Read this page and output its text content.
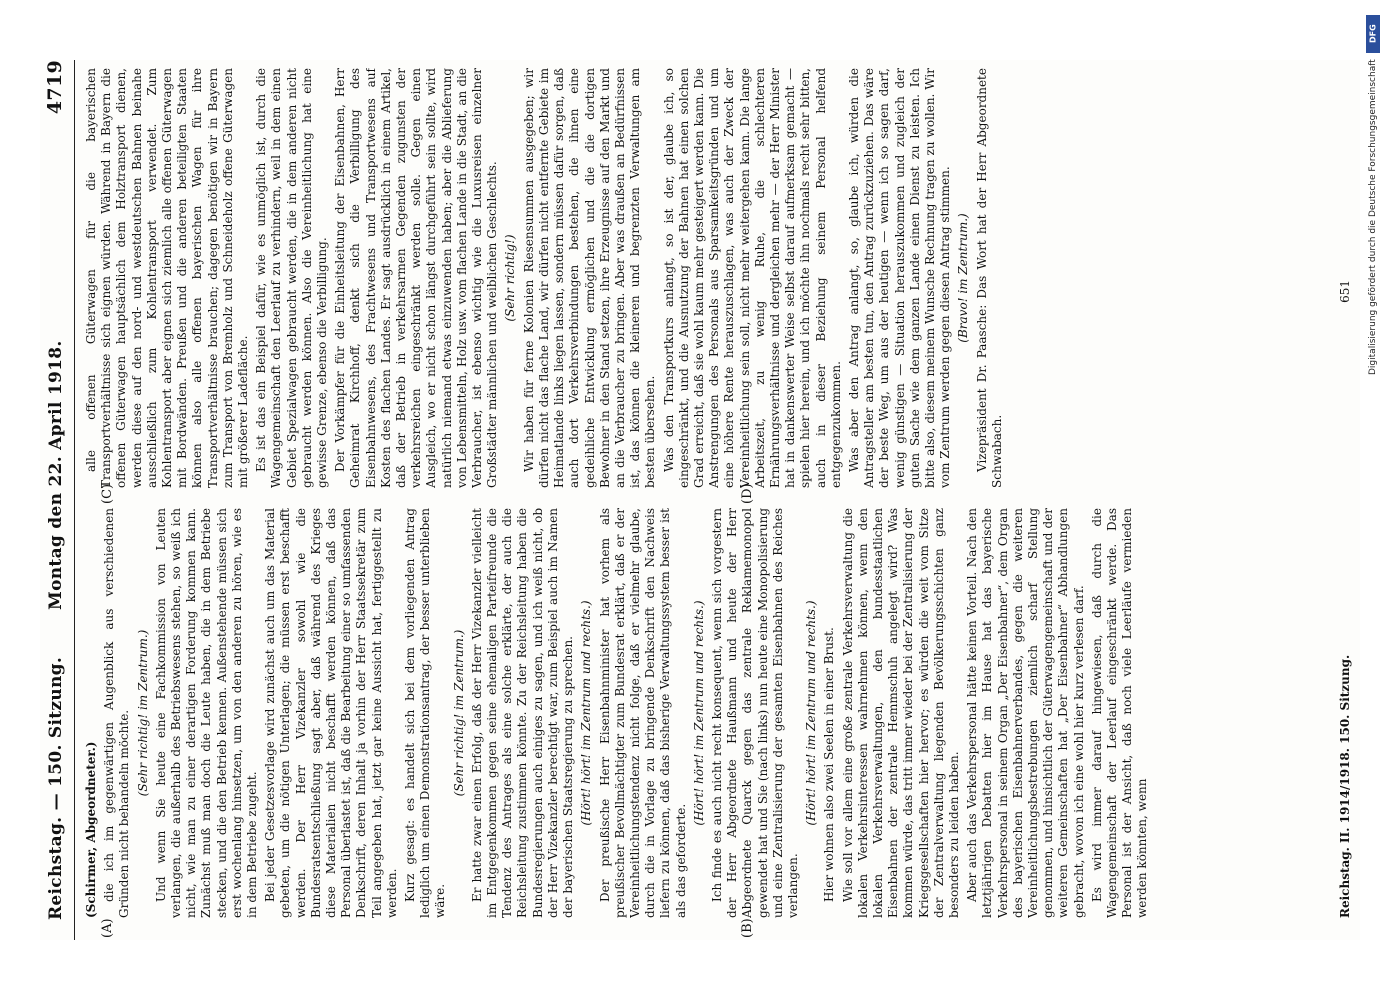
Reichstag. — 150. Sitzung.
Montag den 22. April 1918.
4719

(Schirmer, Abgeordneter.) die ich im gegenwärtigen Augenblick aus verschiedenen Gründen nicht behandeln möchte. (Sehr richtig! im Zentrum.) Und wenn Sie heute eine Fachkommission von Leuten verlangen, die außerhalb des Betriebswesens stehen, so weiß ich nicht, wie man zu einer derartigen Forderung kommen kann. Zunächst muß man doch die Leute haben, die in dem Betriebe stecken, und die den Betrieb kennen. Außenstehende müssen sich erst wochenlang hinsetzen, um von den anderen zu hören, wie es in dem Betriebe zugeht. Bei jeder Gesetzesvorlage wird zunächst auch um das Material gebeten, um die nötigen Unterlagen; die müssen erst beschafft werden. Der Herr Vizekanzler sowohl wie die Bundesratsentschließung sagt aber, daß während des Krieges diese Materialien nicht beschafft werden können, daß das Personal überlastet ist, daß die Bearbeitung einer so umfassenden Denkschrift, deren Inhalt ja vorhin der Herr Staatssekretär zum Teil angegeben hat, jetzt gar keine Aussicht hat, fertiggestellt zu werden. Kurz gesagt: es handelt sich bei dem vorliegenden Antrag lediglich um einen Demonstrationsantrag, der besser unterblieben wäre.

(Sehr richtig! im Zentrum.) Er hatte zwar einen Erfolg, daß der Herr Vizekanzler vielleicht im Entgegenkommen gegen seine ehemaligen Parteifreunde die Tendenz des Antrages als eine solche erklärte, der auch die Reichsleitung zustimmen könnte. Zu der Reichsleitung haben die Bundesregierungen auch einiges zu sagen, und ich weiß nicht, ob der Herr Vizekanzler berechtigt war, zum Beispiel auch im Namen der bayerischen Staatsregierung zu sprechen. (Hört! hört! im Zentrum und rechts.) Der preußische Herr Eisenbahnminister hat vorhem als preußischer Bevollmächtigter zum Bundesrat erklärt, daß er der Vereinheitlichungstendenz nicht folge, daß er vielmehr glaube, durch die in Vorlage zu bringende Denkschrift den Nachweis liefern zu können, daß das bisherige Verwaltungssystem besser ist als das geforderte.

(Hört! hört! im Zentrum und rechts.) Ich finde es auch nicht recht konsequent, wenn sich vorgestern der Herr Abgeordnete Haußmann und heute der Herr Abgeordnete Quarck gegen das zentrale Reklamemonopol gewendet hat und Sie (nach links) nun heute eine Monopolisierung und eine Zentralisierung der gesamten Eisenbahnen des Reiches verlangen.

(Hört! hört! im Zentrum und rechts.) Hier wohnen also zwei Seelen in einer Brust. Wie soll vor allem eine große zentrale Verkehrsverwaltung die lokalen Verkehrsinteressen wahrnehmen können, wenn den lokalen Verkehrsverwaltungen, den bundesstaatlichen Eisenbahnen der zentrale Hemmschuh angelegt wird? Was kommen würde, das tritt immer wieder bei der Zentralisierung der Kriegsgesellschaften hier hervor; es würden die weit vom Sitze der Zentralverwaltung liegenden Bevölkerungsschichten ganz besonders zu leiden haben. Aber auch das Verkehrspersonal hätte keinen Vorteil. Nach den letztjährigen Debatten hier im Hause hat das bayerische Verkehrspersonal in seinem Organ „Der Eisenbahner“, dem Organ des bayerischen Eisenbahnerverbandes, gegen die weiteren Vereinheitlichungsbestrebungen ziemlich scharf Stellung genommen, und hinsichtlich der Güterwagengemeinschaft und der weiteren Gemeinschaften hat „Der Eisenbahner“ Abhandlungen gebracht, wovon ich eine wohl hier kurz verlesen darf. Es wird immer darauf hingewiesen, daß durch die Wagengemeinschaft der Leerlauf eingeschränkt werde. Das Personal ist der Ansicht, daß noch viele Leerläufe vermieden werden könnten, wenn

alle offenen Güterwagen für die bayerischen Transportverhältnisse sich eignen würden. Während in Bayern die offenen Güterwagen hauptsächlich dem Holztransport dienen, werden diese auf den nord- und westdeutschen Bahnen beinahe ausschließlich zum Kohlentransport verwendet. Zum Kohlentransport aber eignen sich ziemlich alle offenen Güterwagen mit Bordwänden. Preußen und die anderen beteiligten Staaten können also alle offenen bayerischen Wagen für ihre Transportverhältnisse brauchen; dagegen benötigen wir in Bayern zum Transport von Bremholz und Schneideholz offene Güterwagen mit größerer Ladefläche. Es ist das ein Beispiel dafür, wie es unmöglich ist, durch die Wagengemeinschaft den Leerlauf zu verhindern, weil in dem einen Gebiet Spezialwagen gebraucht werden, die in dem anderen nicht gebraucht werden können. Also die Vereinheitlichung hat eine gewisse Grenze, ebenso die Verbilligung. Der Vorkämpfer für die Einheitsleitung der Eisenbahnen, Herr Geheimrat Kirchhoff, denkt sich die Verbilligung des Eisenbahnwesens, des Frachtwesens und Transportwesens auf Kosten des flachen Landes. Er sagt ausdrücklich in einem Artikel, daß der Betrieb in verkehrsarmen Gegenden zugunsten der verkehrsreichen eingeschränkt werden solle. Gegen einen Ausgleich, wo er nicht schon längst durchgeführt sein sollte, wird natürlich niemand etwas einzuwenden haben; aber die Ablieferung von Lebensmitteln, Holz usw. vom flachen Lande in die Stadt, an die Verbraucher, ist ebenso wichtig wie die Luxusreisen einzelner Großstädter männlichen und weiblichen Geschlechts. (Sehr richtig!) Wir haben für ferne Kolonien Riesensummen ausgegeben; wir dürfen nicht das flache Land, wir dürfen nicht entfernte Gebiete im Heimatlande links liegen lassen, sondern müssen dafür sorgen, daß auch dort Verkehrsverbindungen bestehen, die ihnen eine gedeihliche Entwicklung ermöglichen und die die dortigen Bewohner in den Stand setzen, ihre Erzeugnisse auf den Markt und an die Verbraucher zu bringen. Aber was draußen an Bedürfnissen ist, das können die kleineren und begrenzten Verwaltungen am besten übersehen. Was den Transportkurs anlangt, so ist der, glaube ich, so eingeschränkt, und die Ausnutzung der Bahnen hat einen solchen Grad erreicht, daß sie wohl kaum mehr gesteigert werden kann. Die Anstrengungen des Personals aus Sparsamkeitsgründen und um eine höhere Rente herauszuschlagen, was auch der Zweck der Vereinheitlichung sein soll, nicht mehr weitergehen kann. Die lange Arbeitszeit, zu wenig Ruhe, die schlechteren Ernährungsverhältnisse und dergleichen mehr — der Herr Minister hat in dankenswerter Weise selbst darauf aufmerksam gemacht — spielen hier herein, und ich möchte ihn nochmals recht sehr bitten, auch in dieser Beziehung seinem Personal helfend entgegenzukommen. Was aber den Antrag anlangt, so, glaube ich, würden die Antragsteller am besten tun, den Antrag zurückzuziehen. Das wäre der beste Weg, um aus der heutigen — wenn ich so sagen darf, wenig günstigen — Situation herauszukommen und zugleich der guten Sache wie dem ganzen Lande einen Dienst zu leisten. Ich bitte also, diesem meinem Wunsche Rechnung tragen zu wollen. Wir vom Zentrum werden gegen diesen Antrag stimmen. (Bravo! im Zentrum.) Vizepräsident Dr. Paasche: Das Wort hat der Herr Abgeordnete Schwabach.

(A)	(B)
(C)	(D)
Reichstag. II. 1914/1918. 150. Sitzung.
651
DFG
Digitalisierung gefördert durch die Deutsche Forschungsgemeinschaft
